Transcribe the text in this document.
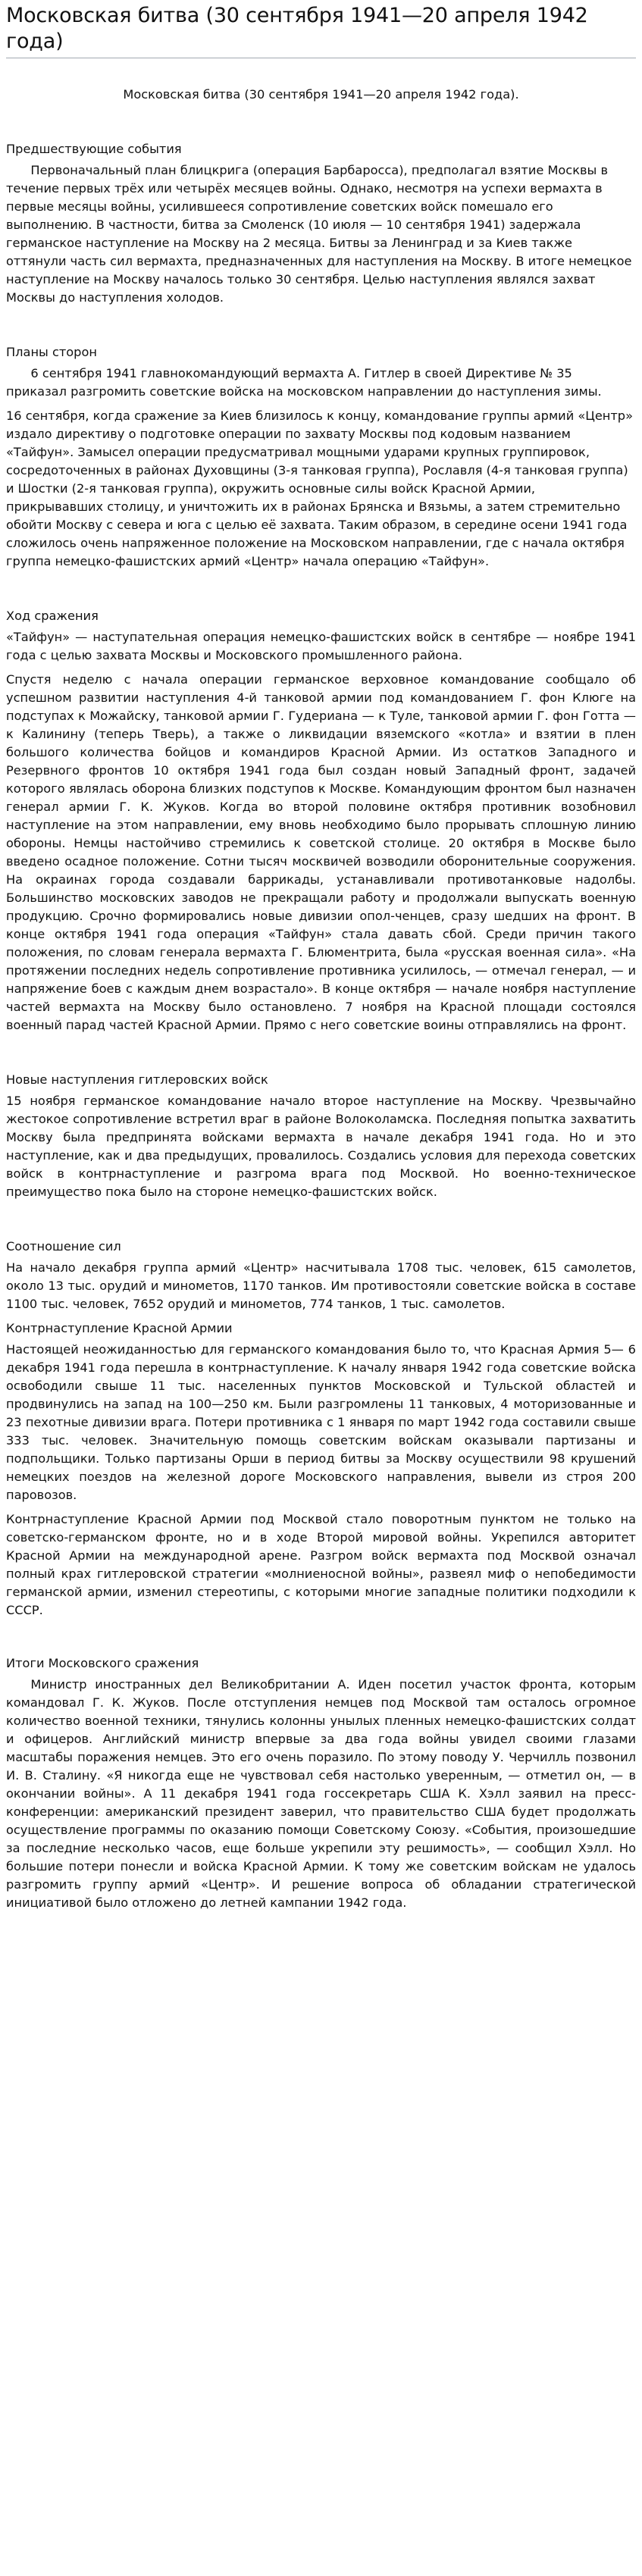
Московская битва (30 сентября 1941—20 апреля 1942 года)
Московская битва (30 сентября 1941—20 апреля 1942 года).
Предшествующие события

Первоначальный план блицкрига (операция Барбаросса), предполагал взятие Москвы в течение первых трёх или четырёх месяцев войны. Однако, несмотря на успехи вермахта в первые месяцы войны, усилившееся сопротивление советских войск помешало его выполнению. В частности, битва за Смоленск (10 июля — 10 сентября 1941) задержала германское наступление на Москву на 2 месяца. Битвы за Ленинград и за Киев также оттянули часть сил вермахта, предназначенных для наступления на Москву. В итоге немецкое наступление на Москву началось только 30 сентября. Целью наступления являлся захват Москвы до наступления холодов.

Планы сторон

6 сентября 1941 главнокомандующий вермахта А. Гитлер в своей Директиве № 35 приказал разгромить советские войска на московском направлении до наступления зимы.

16 сентября, когда сражение за Киев близилось к концу, командование группы армий «Центр» издало директиву о подготовке операции по захвату Москвы под кодовым названием «Тайфун». Замысел операции предусматривал мощными ударами крупных группировок, сосредоточенных в районах Духовщины (3-я танковая группа), Рославля (4-я танковая группа) и Шостки (2-я танковая группа), окружить основные силы войск Красной Армии, прикрывавших столицу, и уничтожить их в районах Брянска и Вязьмы, а затем стремительно обойти Москву с севера и юга с целью её захвата. Таким образом, в середине осени 1941 года сложилось очень напряженное положение на Московском направлении, где с начала октября группа немецко-фашистских армий «Центр» начала операцию «Тайфун».

Ход сражения

«Тайфун» — наступательная операция немецко-фашистских войск в сентябре — ноябре 1941 года с целью захвата Москвы и Московского промышленного района.

Спустя неделю с начала операции германское верховное командование сообщало об успешном развитии наступления 4-й танковой армии под командованием Г. фон Клюге на подступах к Можайску, танковой армии Г. Гудериана — к Туле, танковой армии Г. фон Готта — к Калинину (теперь Тверь), а также о ликвидации вяземского «котла» и взятии в плен большого количества бойцов и командиров Красной Армии. Из остатков Западного и Резервного фронтов 10 октября 1941 года был создан новый Западный фронт, задачей которого являлась оборона близких подступов к Москве. Командующим фронтом был назначен генерал армии Г. К. Жуков. Когда во второй половине октября противник возобновил наступление на этом направлении, ему вновь необходимо было прорывать сплошную линию обороны. Немцы настойчиво стремились к советской столице. 20 октября в Москве было введено осадное положение. Сотни тысяч москвичей возводили оборонительные сооружения. На окраинах города создавали баррикады, устанавливали противотанковые надолбы. Большинство московских заводов не прекращали работу и продолжали выпускать военную продукцию. Срочно формировались новые дивизии опол-ченцев, сразу шедших на фронт. В конце октября 1941 года операция «Тайфун» стала давать сбой. Среди причин такого положения, по словам генерала вермахта Г. Блюментрита, была «русская военная сила». «На протяжении последних недель сопротивление противника усилилось, — отмечал генерал, — и напряжение боев с каждым днем возрастало». В конце октября — начале ноября наступление частей вермахта на Москву было остановлено. 7 ноября на Красной площади состоялся военный парад частей Красной Армии. Прямо с него советские воины отправлялись на фронт.

Новые наступления гитлеровских войск

15 ноября германское командование начало второе наступление на Москву. Чрезвычайно жестокое сопротивление встретил враг в районе Волоколамска. Последняя попытка захватить Москву была предпринята войсками вермахта в начале декабря 1941 года. Но и это наступление, как и два предыдущих, провалилось. Создались условия для перехода советских войск в контрнаступление и разгрома врага под Москвой. Но военно-техническое преимущество пока было на стороне немецко-фашистских войск.

Соотношение сил

На начало декабря группа армий «Центр» насчитывала 1708 тыс. человек, 615 самолетов, около 13 тыс. орудий и минометов, 1170 танков. Им противостояли советские войска в составе 1100 тыс. человек, 7652 орудий и минометов, 774 танков, 1 тыс. самолетов.

Контрнаступление Красной Армии

Настоящей неожиданностью для германского командования было то, что Красная Армия 5— 6 декабря 1941 года перешла в контрнаступление. К началу января 1942 года советские войска освободили свыше 11 тыс. населенных пунктов Московской и Тульской областей и продвинулись на запад на 100—250 км. Были разгромлены 11 танковых, 4 моторизованные и 23 пехотные дивизии врага. Потери противника с 1 января по март 1942 года составили свыше 333 тыс. человек. Значительную помощь советским войскам оказывали партизаны и подпольщики. Только партизаны Орши в период битвы за Москву осуществили 98 крушений немецких поездов на железной дороге Московского направления, вывели из строя 200 паровозов.

Контрнаступление Красной Армии под Москвой стало поворотным пунктом не только на советско-германском фронте, но и в ходе Второй мировой войны. Укрепился авторитет Красной Армии на международной арене. Разгром войск вермахта под Москвой означал полный крах гитлеровской стратегии «молниеносной войны», развеял миф о непобедимости германской армии, изменил стереотипы, с которыми многие западные политики подходили к СССР.

Итоги Московского сражения

Министр иностранных дел Великобритании А. Иден посетил участок фронта, которым командовал Г. К. Жуков. После отступления немцев под Москвой там осталось огромное количество военной техники, тянулись колонны унылых пленных немецко-фашистских солдат и офицеров. Английский министр впервые за два года войны увидел своими глазами масштабы поражения немцев. Это его очень поразило. По этому поводу У. Черчилль позвонил И. В. Сталину. «Я никогда еще не чувствовал себя настолько уверенным, — отметил он, — в окончании войны». А 11 декабря 1941 года госсекретарь США К. Хэлл заявил на пресс-конференции: американский президент заверил, что правительство США будет продолжать осуществление программы по оказанию помощи Советскому Союзу. «События, произошедшие за последние несколько часов, еще больше укрепили эту решимость», — сообщил Хэлл. Но большие потери понесли и войска Красной Армии. К тому же советским войскам не удалось разгромить группу армий «Центр». И решение вопроса об обладании стратегической инициативой было отложено до летней кампании 1942 года.
